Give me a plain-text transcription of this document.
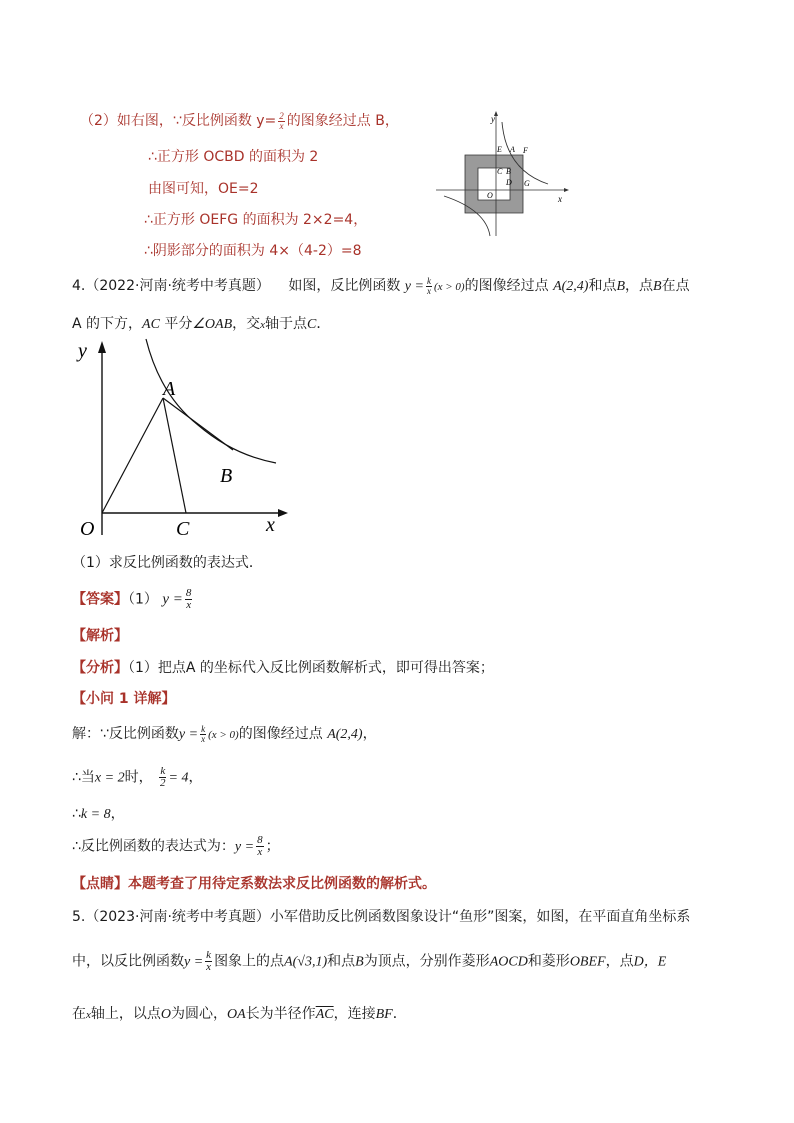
（2）如右图，∵反比例函数 $y= \frac{2}{x}$ 的图象经过点 B，
∴正方形 OCBD 的面积为 2
由图可知，OE=2
∴正方形 OEFG 的面积为 2×2=4，
∴阴影部分的面积为 4×（4-2）=8
y
x
E A F
C B
D G
O
4.（2022·河南·统考中考真题） 如图，反比例函数 $y = \frac{k}{x} (x > 0)$的图像经过点 A(2,4)和点B，点B在点
A 的下方，AC 平分∠OAB，交x轴于点C．
y
x
O
A
B
C
（1）求反比例函数的表达式．
【答案】（1） $y = \frac{8}{x}$
【解析】
【分析】（1）把点A 的坐标代入反比例函数解析式，即可得出答案；
【小问 1 详解】
解：∵反比例函数$y = \frac{k}{x} (x > 0)$的图像经过点 A(2,4)，
∴当x = 2时， $\frac{k}{2} = 4$，
∴k = 8，
∴反比例函数的表达式为：$y = \frac{8}{x}$ ；
【点睛】本题考查了用待定系数法求反比例函数的解析式。
5.（2023·河南·统考中考真题）小军借助反比例函数图象设计“鱼形”图案，如图，在平面直角坐标系
中，以反比例函数$y = \frac{k}{x}$ 图象上的点A(√3,1)和点B为顶点，分别作菱形AOCD和菱形OBEF，点D，E
在x轴上，以点O为圆心，OA长为半径作$\overline{AC}$，连接BF．
